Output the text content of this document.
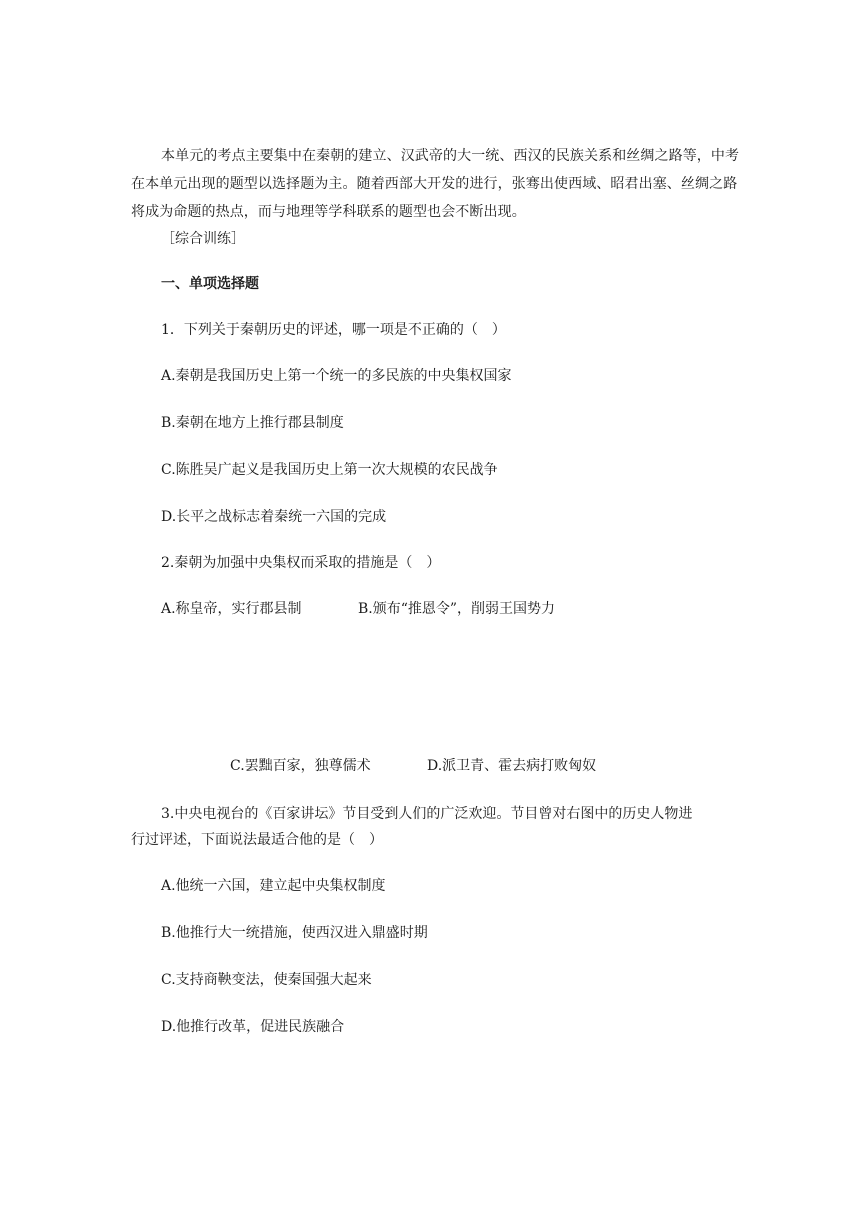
本单元的考点主要集中在秦朝的建立、汉武帝的大一统、西汉的民族关系和丝绸之路等，中考在本单元出现的题型以选择题为主。随着西部大开发的进行，张骞出使西域、昭君出塞、丝绸之路将成为命题的热点，而与地理等学科联系的题型也会不断出现。

［综合训练］
一、单项选择题
1．下列关于秦朝历史的评述，哪一项是不正确的（　）
A.秦朝是我国历史上第一个统一的多民族的中央集权国家
B.秦朝在地方上推行郡县制度
C.陈胜吴广起义是我国历史上第一次大规模的农民战争
D.长平之战标志着秦统一六国的完成
2.秦朝为加强中央集权而采取的措施是（　）
A.称皇帝，实行郡县制	B.颁布“推恩令”，削弱王国势力
C.罢黜百家，独尊儒术	D.派卫青、霍去病打败匈奴
3.中央电视台的《百家讲坛》节目受到人们的广泛欢迎。节目曾对右图中的历史人物进
行过评述，下面说法最适合他的是（　）
A.他统一六国，建立起中央集权制度
B.他推行大一统措施，使西汉进入鼎盛时期
C.支持商鞅变法，使秦国强大起来
D.他推行改革，促进民族融合
